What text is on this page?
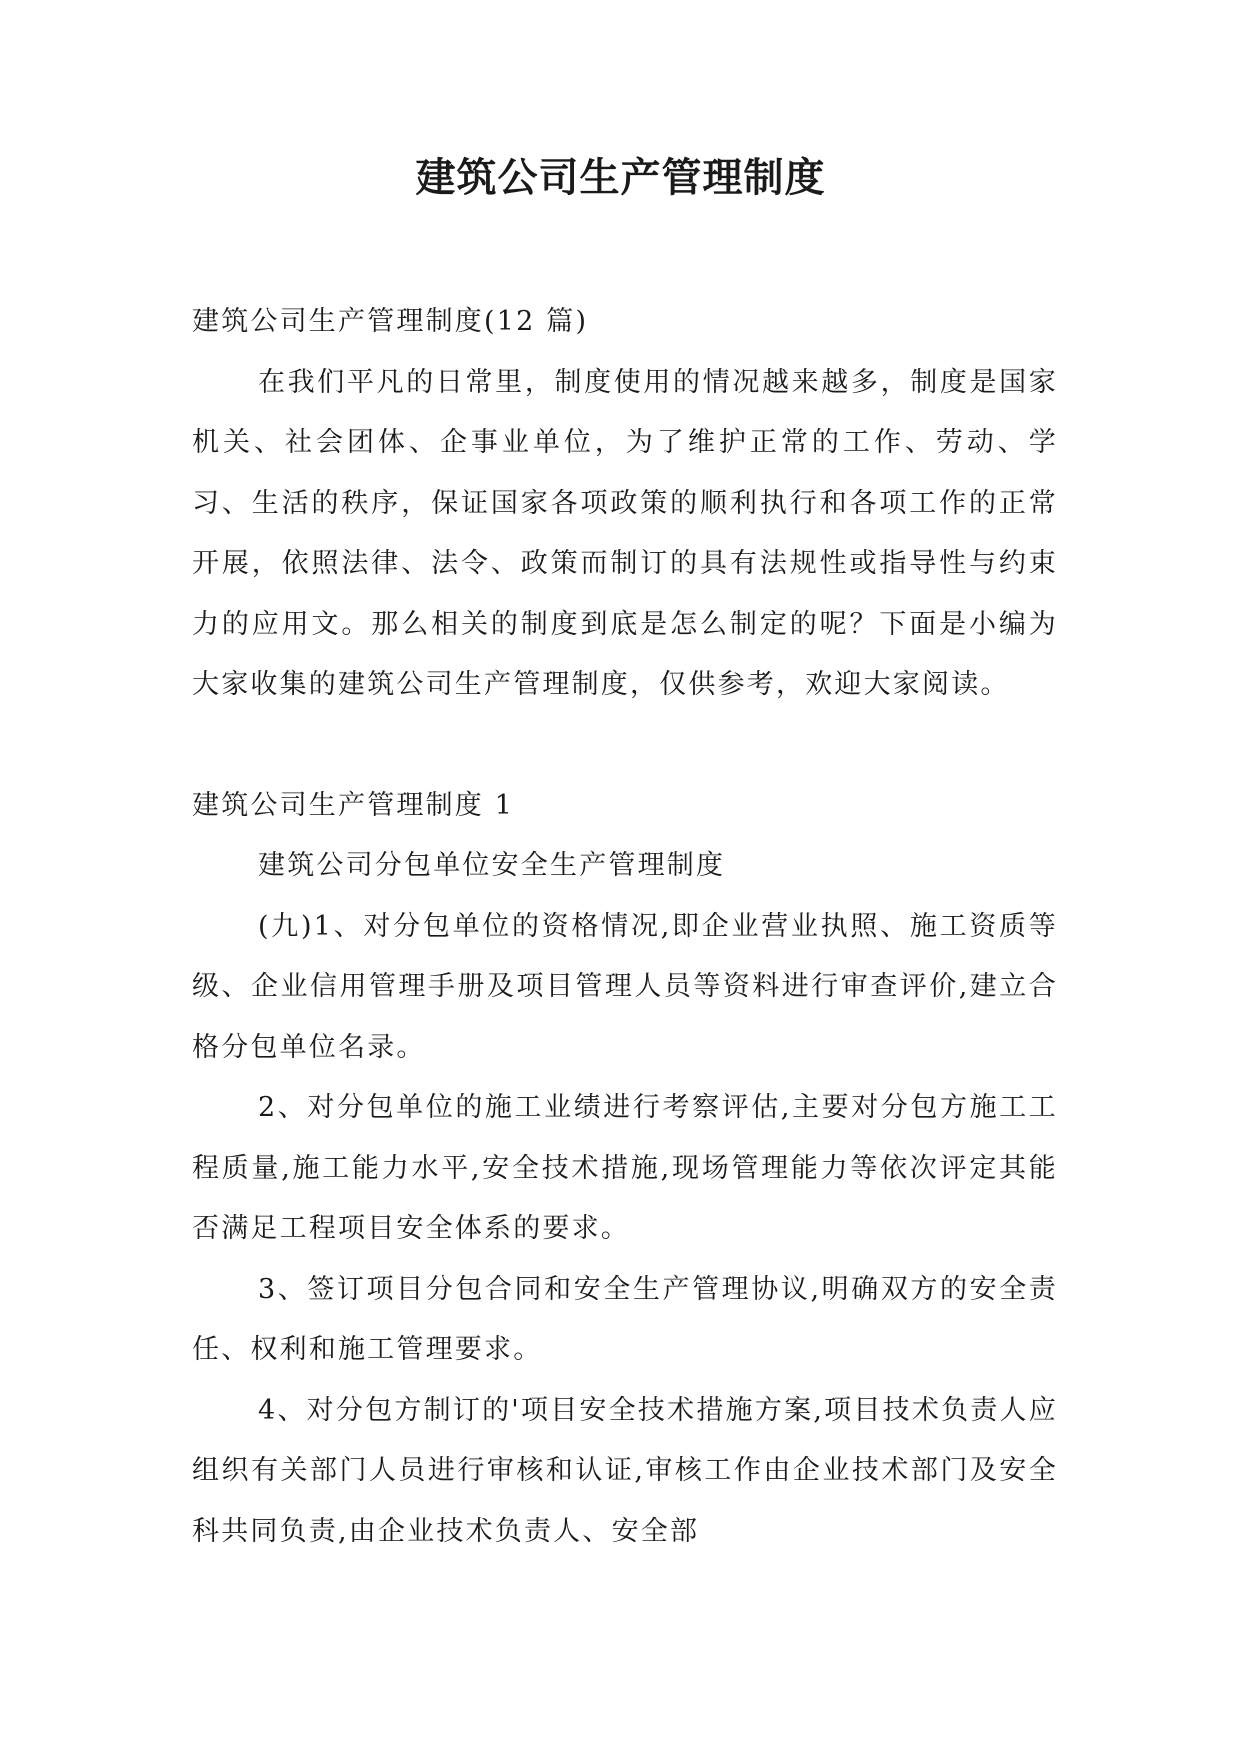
建筑公司生产管理制度

建筑公司生产管理制度(12 篇)

在我们平凡的日常里，制度使用的情况越来越多，制度是国家机关、社会团体、企事业单位，为了维护正常的工作、劳动、学习、生活的秩序，保证国家各项政策的顺利执行和各项工作的正常开展，依照法律、法令、政策而制订的具有法规性或指导性与约束力的应用文。那么相关的制度到底是怎么制定的呢？下面是小编为大家收集的建筑公司生产管理制度，仅供参考，欢迎大家阅读。

建筑公司生产管理制度 1

建筑公司分包单位安全生产管理制度

(九)1、对分包单位的资格情况,即企业营业执照、施工资质等级、企业信用管理手册及项目管理人员等资料进行审查评价,建立合格分包单位名录。

2、对分包单位的施工业绩进行考察评估,主要对分包方施工工程质量,施工能力水平,安全技术措施,现场管理能力等依次评定其能否满足工程项目安全体系的要求。

3、签订项目分包合同和安全生产管理协议,明确双方的安全责任、权利和施工管理要求。

4、对分包方制订的'项目安全技术措施方案,项目技术负责人应组织有关部门人员进行审核和认证,审核工作由企业技术部门及安全科共同负责,由企业技术负责人、安全部
